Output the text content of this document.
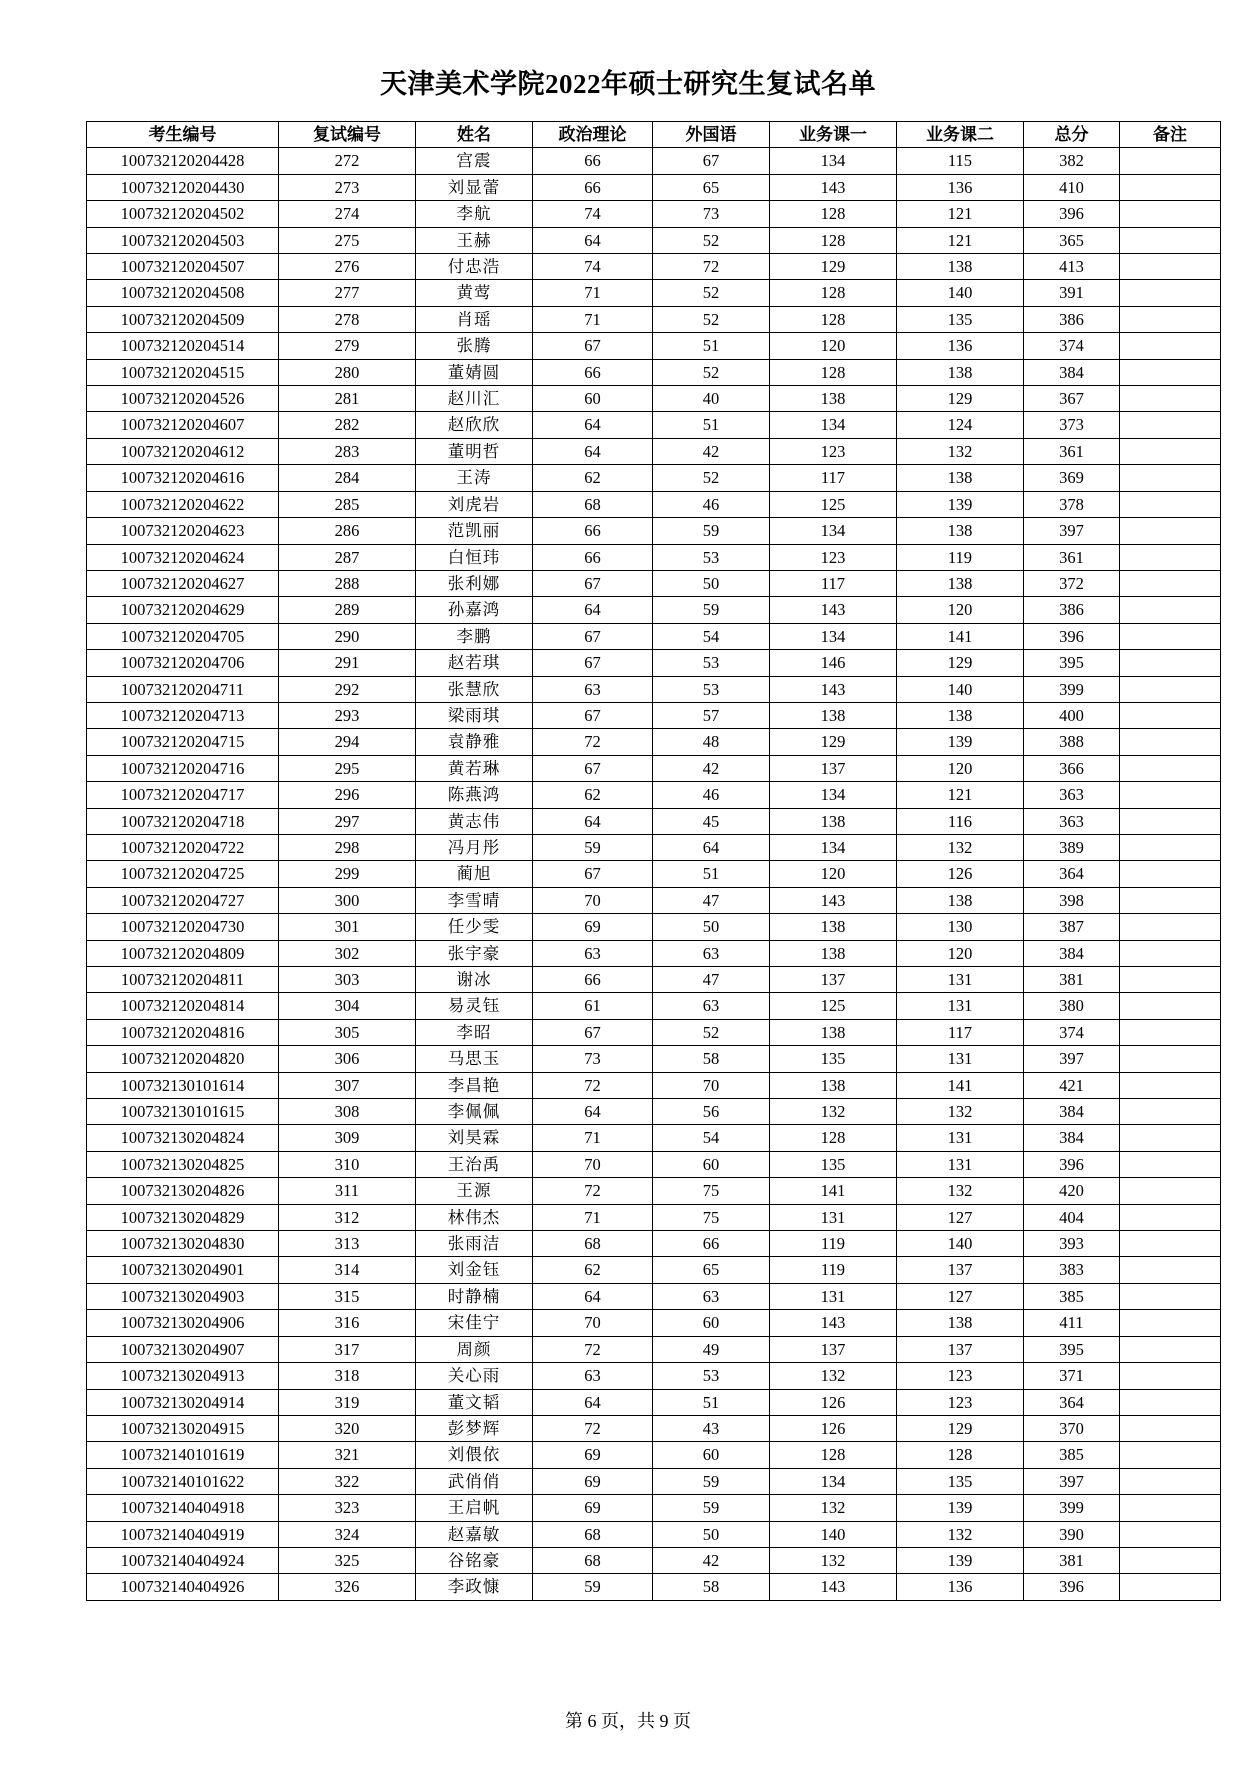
天津美术学院2022年硕士研究生复试名单
考生编号	复试编号	姓名	政治理论	外国语	业务课一	业务课二	总分	备注
100732120204428	272	宫震	66	67	134	115	382	
100732120204430	273	刘显蕾	66	65	143	136	410	
100732120204502	274	李航	74	73	128	121	396	
100732120204503	275	王赫	64	52	128	121	365	
100732120204507	276	付忠浩	74	72	129	138	413	
100732120204508	277	黄莺	71	52	128	140	391	
100732120204509	278	肖瑶	71	52	128	135	386	
100732120204514	279	张腾	67	51	120	136	374	
100732120204515	280	董婧圆	66	52	128	138	384	
100732120204526	281	赵川汇	60	40	138	129	367	
100732120204607	282	赵欣欣	64	51	134	124	373	
100732120204612	283	董明哲	64	42	123	132	361	
100732120204616	284	王涛	62	52	117	138	369	
100732120204622	285	刘虎岩	68	46	125	139	378	
100732120204623	286	范凯丽	66	59	134	138	397	
100732120204624	287	白恒玮	66	53	123	119	361	
100732120204627	288	张利娜	67	50	117	138	372	
100732120204629	289	孙嘉鸿	64	59	143	120	386	
100732120204705	290	李鹏	67	54	134	141	396	
100732120204706	291	赵若琪	67	53	146	129	395	
100732120204711	292	张慧欣	63	53	143	140	399	
100732120204713	293	梁雨琪	67	57	138	138	400	
100732120204715	294	袁静雅	72	48	129	139	388	
100732120204716	295	黄若琳	67	42	137	120	366	
100732120204717	296	陈燕鸿	62	46	134	121	363	
100732120204718	297	黄志伟	64	45	138	116	363	
100732120204722	298	冯月彤	59	64	134	132	389	
100732120204725	299	蔺旭	67	51	120	126	364	
100732120204727	300	李雪晴	70	47	143	138	398	
100732120204730	301	任少雯	69	50	138	130	387	
100732120204809	302	张宇豪	63	63	138	120	384	
100732120204811	303	谢冰	66	47	137	131	381	
100732120204814	304	易灵钰	61	63	125	131	380	
100732120204816	305	李昭	67	52	138	117	374	
100732120204820	306	马思玉	73	58	135	131	397	
100732130101614	307	李昌艳	72	70	138	141	421	
100732130101615	308	李佩佩	64	56	132	132	384	
100732130204824	309	刘昊霖	71	54	128	131	384	
100732130204825	310	王治禹	70	60	135	131	396	
100732130204826	311	王源	72	75	141	132	420	
100732130204829	312	林伟杰	71	75	131	127	404	
100732130204830	313	张雨洁	68	66	119	140	393	
100732130204901	314	刘金钰	62	65	119	137	383	
100732130204903	315	时静楠	64	63	131	127	385	
100732130204906	316	宋佳宁	70	60	143	138	411	
100732130204907	317	周颜	72	49	137	137	395	
100732130204913	318	关心雨	63	53	132	123	371	
100732130204914	319	董文韬	64	51	126	123	364	
100732130204915	320	彭梦辉	72	43	126	129	370	
100732140101619	321	刘偎依	69	60	128	128	385	
100732140101622	322	武俏俏	69	59	134	135	397	
100732140404918	323	王启帆	69	59	132	139	399	
100732140404919	324	赵嘉敏	68	50	140	132	390	
100732140404924	325	谷铭豪	68	42	132	139	381	
100732140404926	326	李政慷	59	58	143	136	396	
第 6 页，共 9 页
